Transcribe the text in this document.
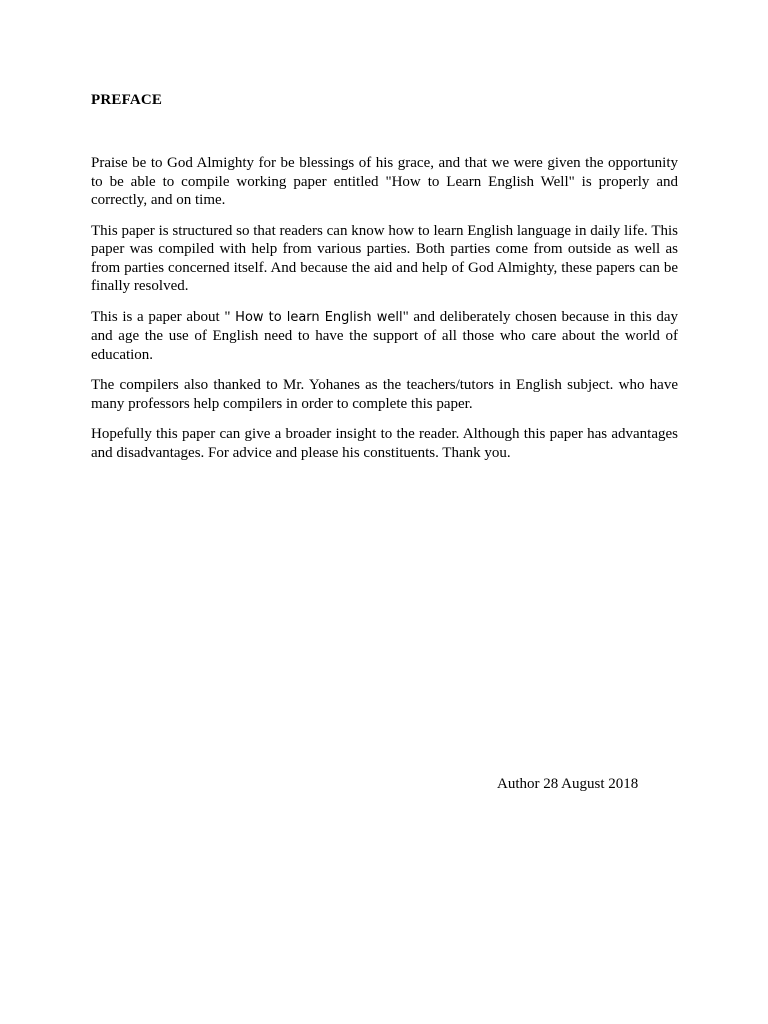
PREFACE

Praise be to God Almighty for be blessings of his grace, and that we were given the opportunity to be able to compile working paper entitled "How to Learn English Well" is properly and correctly, and on time.

This paper is structured so that readers can know how to learn English language in daily life. This paper was compiled with help from various parties. Both parties come from outside as well as from parties concerned itself. And because the aid and help of God Almighty, these papers can be finally resolved.

This is a paper about " How to learn English well" and deliberately chosen because in this day and age the use of English need to have the support of all those who care about the world of education.

The compilers also thanked to Mr. Yohanes as the teachers/tutors in English subject. who have many professors help compilers in order to complete this paper.

Hopefully this paper can give a broader insight to the reader. Although this paper has advantages and disadvantages. For advice and please his constituents. Thank you.

Author 28 August 2018
